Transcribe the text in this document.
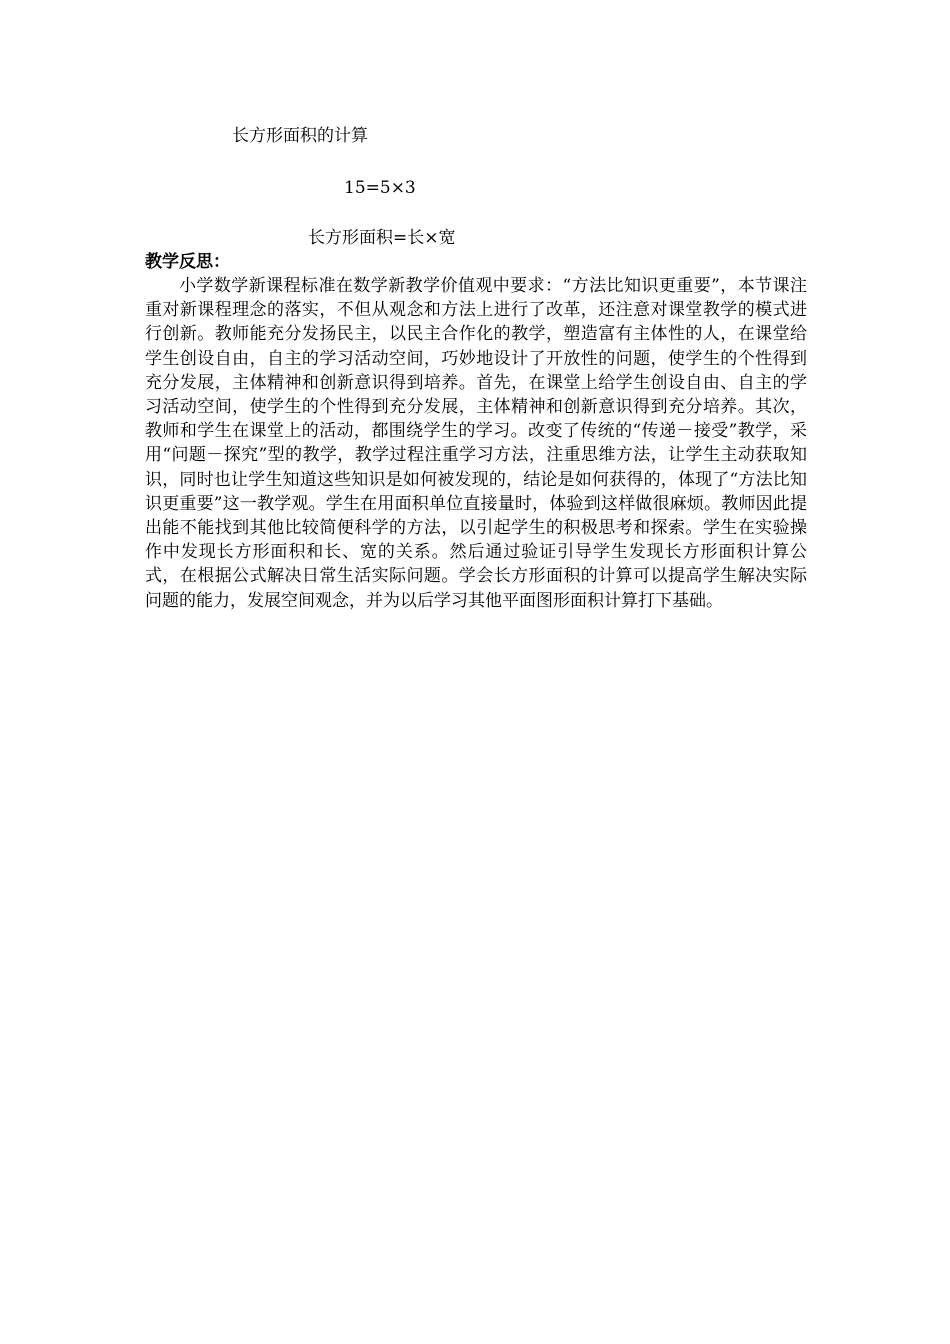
长方形面积的计算
15=5×3
长方形面积=长×宽
教学反思：

小学数学新课程标准在数学新教学价值观中要求：“方法比知识更重要”，本节课注重对新课程理念的落实，不但从观念和方法上进行了改革，还注意对课堂教学的模式进行创新。教师能充分发扬民主，以民主合作化的教学，塑造富有主体性的人，在课堂给学生创设自由，自主的学习活动空间，巧妙地设计了开放性的问题，使学生的个性得到充分发展，主体精神和创新意识得到培养。首先，在课堂上给学生创设自由、自主的学习活动空间，使学生的个性得到充分发展，主体精神和创新意识得到充分培养。其次，教师和学生在课堂上的活动，都围绕学生的学习。改变了传统的“传递－接受”教学，采用“问题－探究”型的教学，教学过程注重学习方法，注重思维方法，让学生主动获取知识，同时也让学生知道这些知识是如何被发现的，结论是如何获得的，体现了“方法比知识更重要”这一教学观。学生在用面积单位直接量时，体验到这样做很麻烦。教师因此提出能不能找到其他比较简便科学的方法，以引起学生的积极思考和探索。学生在实验操作中发现长方形面积和长、宽的关系。然后通过验证引导学生发现长方形面积计算公式，在根据公式解决日常生活实际问题。学会长方形面积的计算可以提高学生解决实际问题的能力，发展空间观念，并为以后学习其他平面图形面积计算打下基础。
